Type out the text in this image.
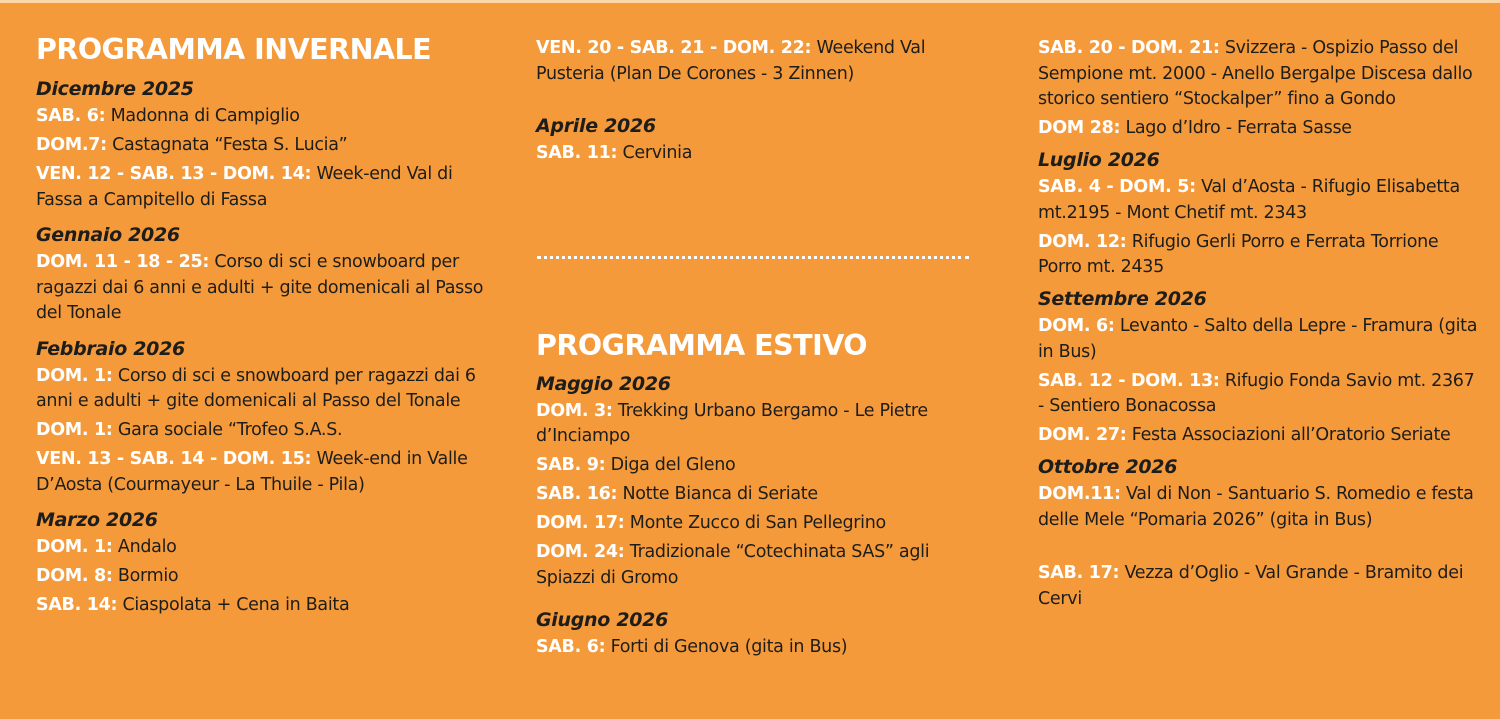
PROGRAMMA INVERNALE
Dicembre 2025

SAB. 6: Madonna di Campiglio

DOM.7: Castagnata “Festa S. Lucia”

VEN. 12 - SAB. 13 - DOM. 14: Week-end Val di Fassa a Campitello di Fassa

Gennaio 2026

DOM. 11 - 18 - 25: Corso di sci e snowboard per ragazzi dai 6 anni e adulti + gite domenicali al Passo del Tonale

Febbraio 2026

DOM. 1: Corso di sci e snowboard per ragazzi dai 6 anni e adulti + gite domenicali al Passo del Tonale

DOM. 1: Gara sociale “Trofeo S.A.S.

VEN. 13 - SAB. 14 - DOM. 15: Week-end in Valle D’Aosta (Courmayeur - La Thuile - Pila)

Marzo 2026

DOM. 1: Andalo

DOM. 8: Bormio

SAB. 14: Ciaspolata + Cena in Baita

VEN. 20 - SAB. 21 - DOM. 22: Weekend Val Pusteria (Plan De Corones - 3 Zinnen)

Aprile 2026

SAB. 11: Cervinia

PROGRAMMA ESTIVO
Maggio 2026

DOM. 3: Trekking Urbano Bergamo - Le Pietre d’Inciampo

SAB. 9: Diga del Gleno

SAB. 16: Notte Bianca di Seriate

DOM. 17: Monte Zucco di San Pellegrino

DOM. 24: Tradizionale “Cotechinata SAS” agli Spiazzi di Gromo

Giugno 2026

SAB. 6: Forti di Genova (gita in Bus)

SAB. 20 - DOM. 21: Svizzera - Ospizio Passo del Sempione mt. 2000 - Anello Bergalpe Discesa dallo storico sentiero “Stockalper” fino a Gondo

DOM 28: Lago d’Idro - Ferrata Sasse

Luglio 2026

SAB. 4 - DOM. 5: Val d’Aosta - Rifugio Elisabetta mt.2195 - Mont Chetif mt. 2343

DOM. 12: Rifugio Gerli Porro e Ferrata Torrione Porro mt. 2435

Settembre 2026

DOM. 6: Levanto - Salto della Lepre - Framura (gita in Bus)

SAB. 12 - DOM. 13: Rifugio Fonda Savio mt. 2367 - Sentiero Bonacossa

DOM. 27: Festa Associazioni all’Oratorio Seriate

Ottobre 2026

DOM.11: Val di Non - Santuario S. Romedio e festa delle Mele “Pomaria 2026” (gita in Bus)

SAB. 17: Vezza d’Oglio - Val Grande - Bramito dei Cervi
